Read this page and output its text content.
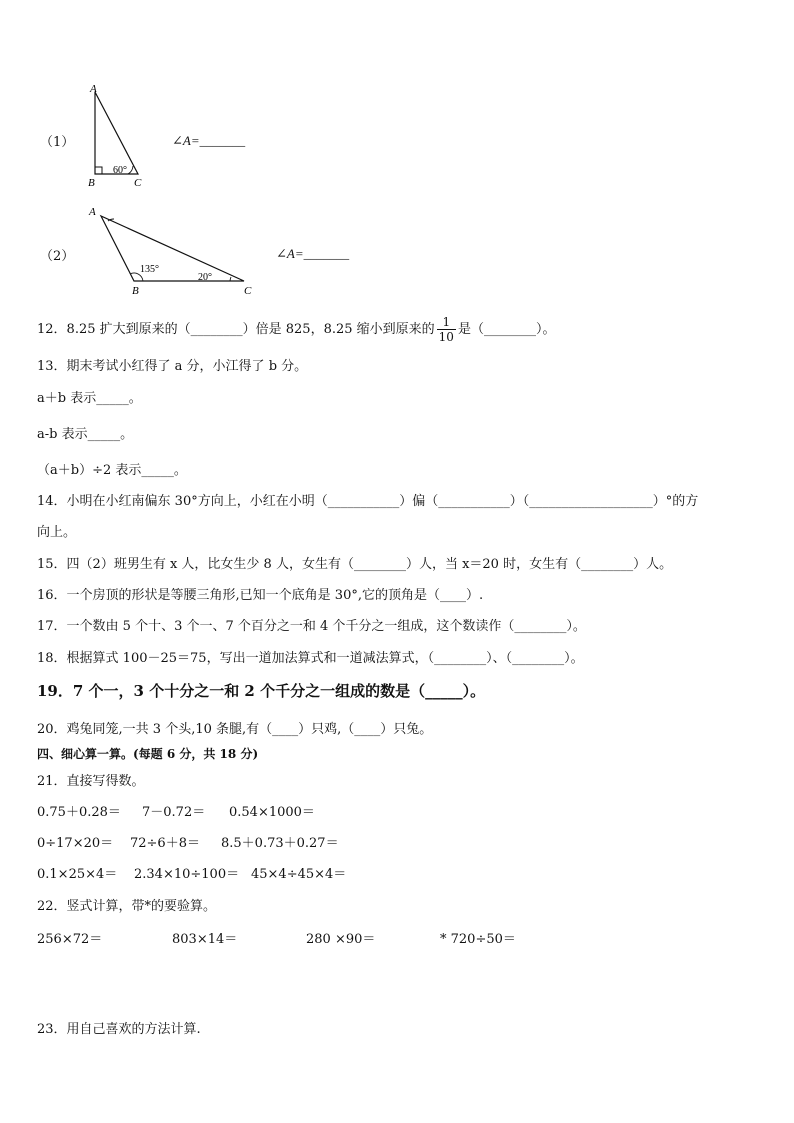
（1）
A
B	C
60°
∠A=_______
（2）
A
B	C
135°
20°
∠A=_______
12．8.25 扩大到原来的（________）倍是 825，8.25 缩小到原来的 $\frac{1}{10}$ 是（________）。
13．期末考试小红得了 a 分，小江得了 b 分。
a＋b 表示_____。
a-b 表示_____。
（a＋b）÷2 表示_____。
14．小明在小红南偏东 30°方向上，小红在小明（___________）偏（___________）（___________________）°的方
向上。
15．四（2）班男生有 x 人，比女生少 8 人，女生有（________）人，当 x＝20 时，女生有（________）人。
16．一个房顶的形状是等腰三角形,已知一个底角是 30°,它的顶角是（____）.
17．一个数由 5 个十、3 个一、7 个百分之一和 4 个千分之一组成，这个数读作（________）。
18．根据算式 100－25＝75，写出一道加法算式和一道减法算式，（________）、（________）。
19．7 个一，3 个十分之一和 2 个千分之一组成的数是（_____）。
20．鸡兔同笼,一共 3 个头,10 条腿,有（____）只鸡,（____）只兔。
四、细心算一算。(每题 6 分，共 18 分)
21．直接写得数。
0.75＋0.28＝ 7－0.72＝ 0.54×1000＝
0÷17×20＝ 72÷6＋8＝ 8.5＋0.73＋0.27＝
0.1×25×4＝ 2.34×10÷100＝ 45×4÷45×4＝
22．竖式计算，带*的要验算。
256×72＝	803×14＝	280 ×90＝	* 720÷50＝
23．用自己喜欢的方法计算.
